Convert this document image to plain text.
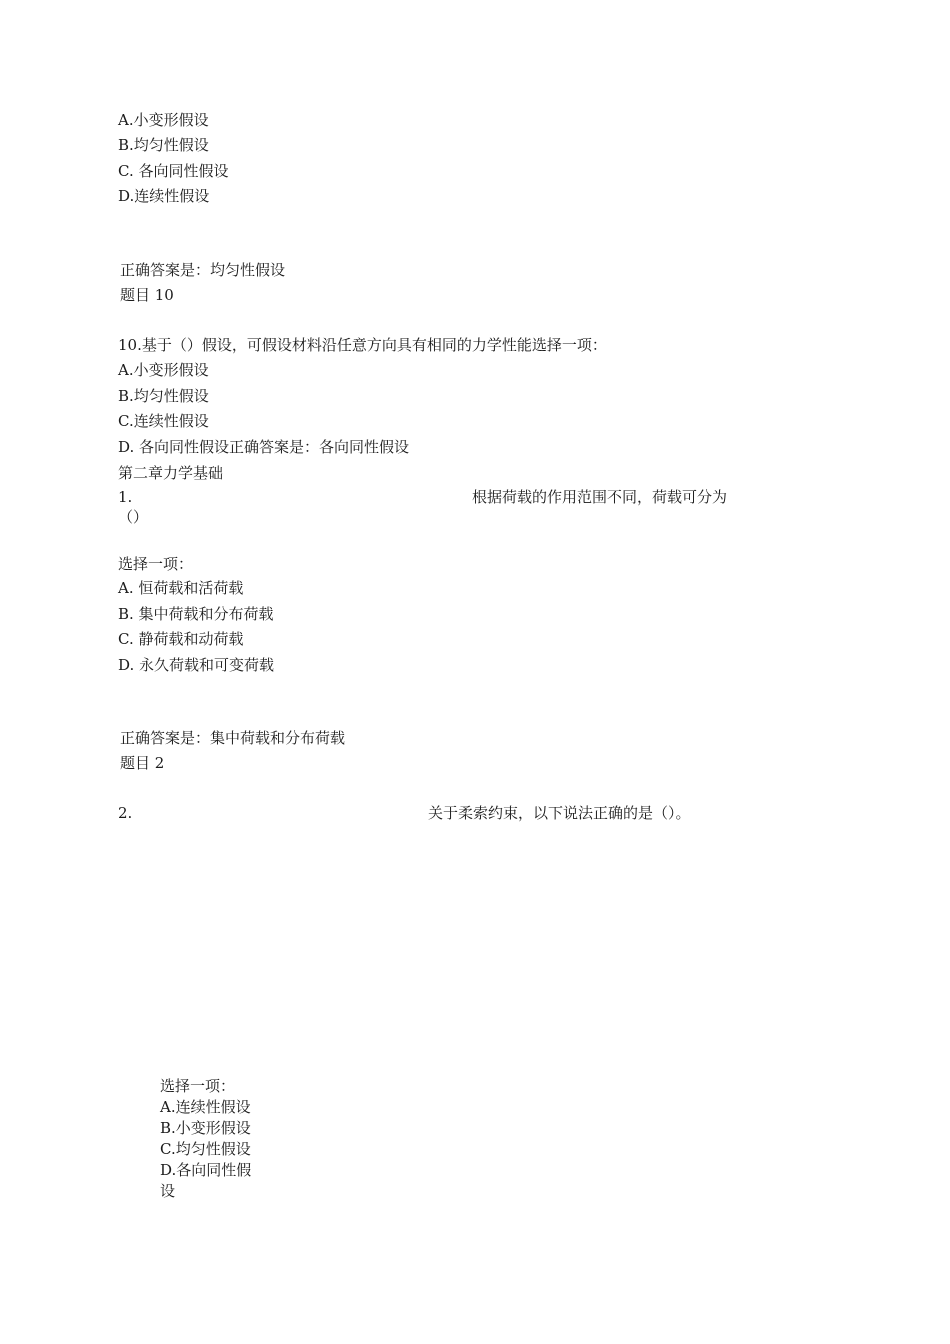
A.小变形假设
B.均匀性假设
C. 各向同性假设
D.连续性假设
正确答案是：均匀性假设
题目 10
10.基于（）假设，可假设材料沿任意方向具有相同的力学性能选择一项：
A.小变形假设
B.均匀性假设
C.连续性假设
D. 各向同性假设正确答案是：各向同性假设
第二章力学基础
1.	根据荷载的作用范围不同，荷载可分为
（）
选择一项：
A. 恒荷载和活荷载
B. 集中荷载和分布荷载
C. 静荷载和动荷载
D. 永久荷载和可变荷载
正确答案是：集中荷载和分布荷载
题目 2
2.	关于柔索约束，以下说法正确的是（）。
选择一项：
A.连续性假设
B.小变形假设
C.均匀性假设
D.各向同性假
设
